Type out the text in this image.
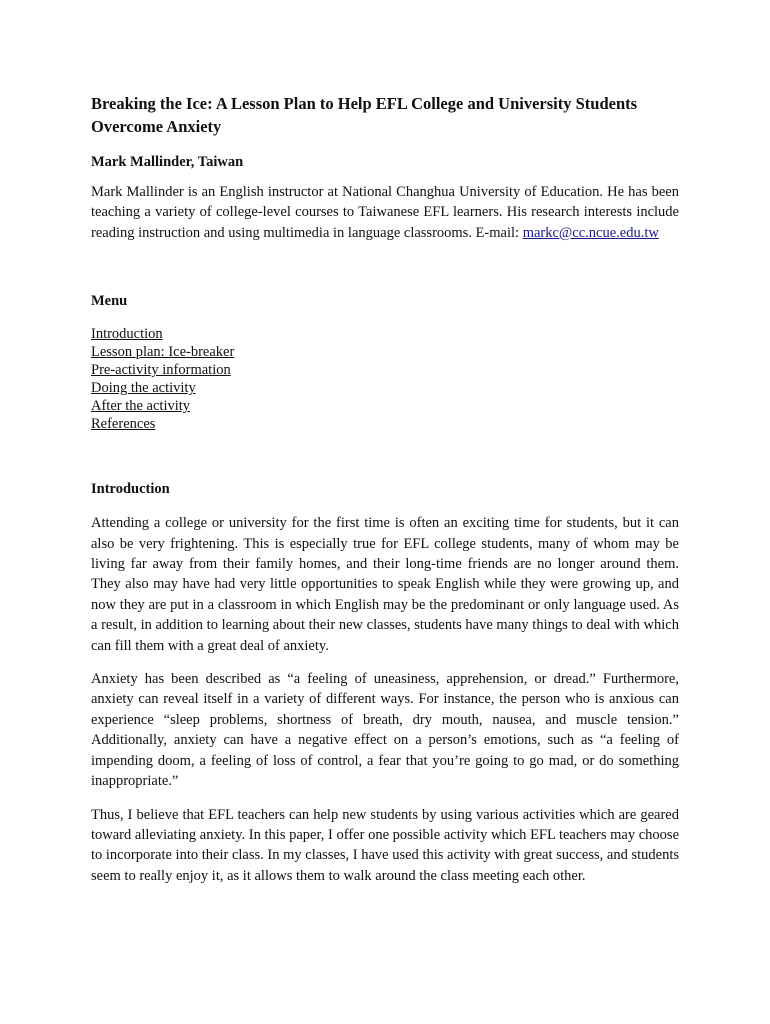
Breaking the Ice: A Lesson Plan to Help EFL College and University Students Overcome Anxiety
Mark Mallinder, Taiwan

Mark Mallinder is an English instructor at National Changhua University of Education. He has been teaching a variety of college-level courses to Taiwanese EFL learners. His research interests include reading instruction and using multimedia in language classrooms. E-mail: markc@cc.ncue.edu.tw

Menu
Introduction
Lesson plan: Ice-breaker
Pre-activity information
Doing the activity
After the activity
References
Introduction

Attending a college or university for the first time is often an exciting time for students, but it can also be very frightening. This is especially true for EFL college students, many of whom may be living far away from their family homes, and their long-time friends are no longer around them. They also may have had very little opportunities to speak English while they were growing up, and now they are put in a classroom in which English may be the predominant or only language used. As a result, in addition to learning about their new classes, students have many things to deal with which can fill them with a great deal of anxiety.

Anxiety has been described as “a feeling of uneasiness, apprehension, or dread.” Furthermore, anxiety can reveal itself in a variety of different ways. For instance, the person who is anxious can experience “sleep problems, shortness of breath, dry mouth, nausea, and muscle tension.” Additionally, anxiety can have a negative effect on a person’s emotions, such as “a feeling of impending doom, a feeling of loss of control, a fear that you’re going to go mad, or do something inappropriate.”

Thus, I believe that EFL teachers can help new students by using various activities which are geared toward alleviating anxiety. In this paper, I offer one possible activity which EFL teachers may choose to incorporate into their class. In my classes, I have used this activity with great success, and students seem to really enjoy it, as it allows them to walk around the class meeting each other.
